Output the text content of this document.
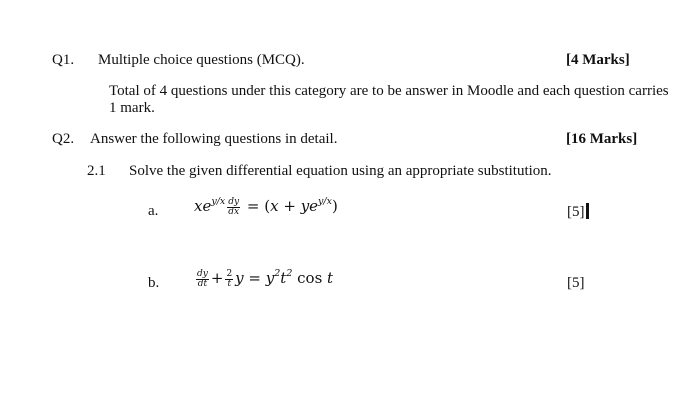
Q1. Multiple choice questions (MCQ).	[4 Marks]
Total of 4 questions under this category are to be answer in Moodle and each question carries
1 mark.
Q2. Answer the following questions in detail.	[16 Marks]
2.1 Solve the given differential equation using an appropriate substitution.
a. $xe^{y/x} \frac{dy}{dx} = (x + ye^{y/x})$	[5]
b.	$\frac{dy}{dt} + \frac{2}{t}$ $y = y^2t^2$ cos t	[5]
